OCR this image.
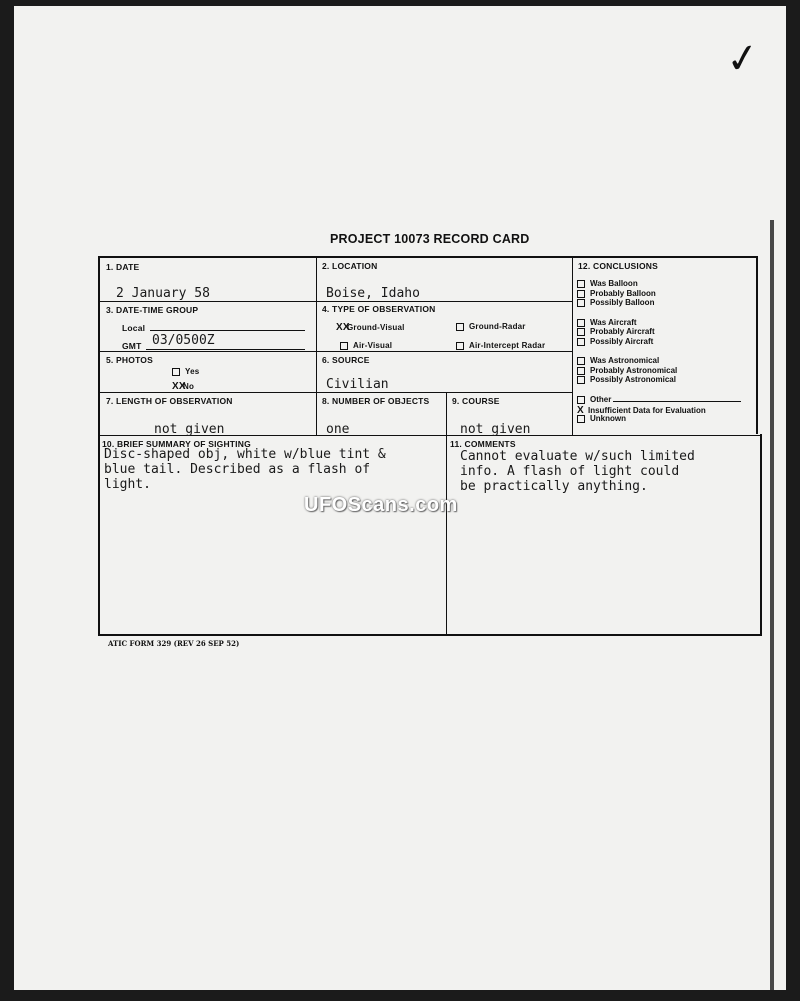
✓
PROJECT 10073 RECORD CARD
1. DATE
2 January 58
2. LOCATION
Boise, Idaho
3. DATE-TIME GROUP
Local
GMT 03/0500Z
4. TYPE OF OBSERVATION
XXGround-Visual	Ground-Radar
Air-Visual	Air-Intercept Radar
5. PHOTOS
Yes
XXNo
6. SOURCE
Civilian
7. LENGTH OF OBSERVATION
not given
8. NUMBER OF OBJECTS
one
9. COURSE
not given
10. BRIEF SUMMARY OF SIGHTING
Disc-shaped obj, white w/blue tint &
blue tail. Described as a flash of
light.
11. COMMENTS
Cannot evaluate w/such limited
info. A flash of light could
be practically anything.
12. CONCLUSIONS
Was Balloon
Probably Balloon
Possibly Balloon
Was Aircraft
Probably Aircraft
Possibly Aircraft
Was Astronomical
Probably Astronomical
Possibly Astronomical
Other
X Insufficient Data for Evaluation
Unknown
UFOScans.com
ATIC FORM 329 (REV 26 SEP 52)
